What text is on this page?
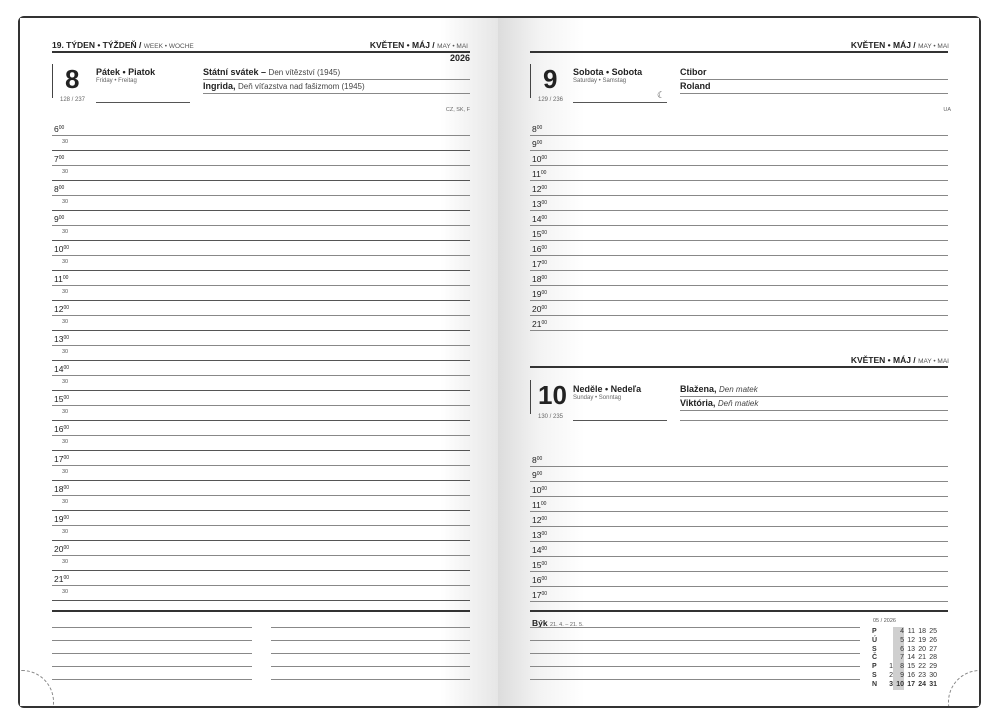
19. TÝDEN • TÝŽDEŇ / WEEK • WOCHE	KVĚTEN • MÁJ / MAY • MAI
2026
8 Pátek • Piatok
Friday • Freitag
128 / 237
Státní svátek – Den vítězství (1945)
Ingrida, Deň víťazstva nad fašizmom (1945)
CZ, SK, F
$6^{00}$
30
$7^{00}$
30
$8^{00}$
30
$9^{00}$
30
$10^{00}$
30
$11^{00}$
30
$12^{00}$
30
$13^{00}$
30
$14^{00}$
30
$15^{00}$
30
$16^{00}$
30
$17^{00}$
30
$18^{00}$
30
$19^{00}$
30
$20^{00}$
30
$21^{00}$
30
KVĚTEN • MÁJ / MAY • MAI
9 Sobota • Sobota
Saturday • Samstag
129 / 236	☾
Ctibor
Roland
UA
$8^{00}$
$9^{00}$
$10^{00}$
$11^{00}$
$12^{00}$
$13^{00}$
$14^{00}$
$15^{00}$
$16^{00}$
$17^{00}$
$18^{00}$
$19^{00}$
$20^{00}$
$21^{00}$
KVĚTEN • MÁJ / MAY • MAI
10 Neděle • Nedeľa
Sunday • Sonntag
130 / 235
Blažena, Den matek
Viktória, Deň matiek
$8^{00}$
$9^{00}$
$10^{00}$
$11^{00}$
$12^{00}$
$13^{00}$
$14^{00}$
$15^{00}$
$16^{00}$
$17^{00}$
Býk 21. 4. – 21. 5.
05 / 2026
P
Ú
S
Č
P
S
N
1
2
3
4
5
6
7
8
9
10
11
12
13
14
15
16
17
18
19
20
21
22
23
24
25
26
27
28
29
30
31
